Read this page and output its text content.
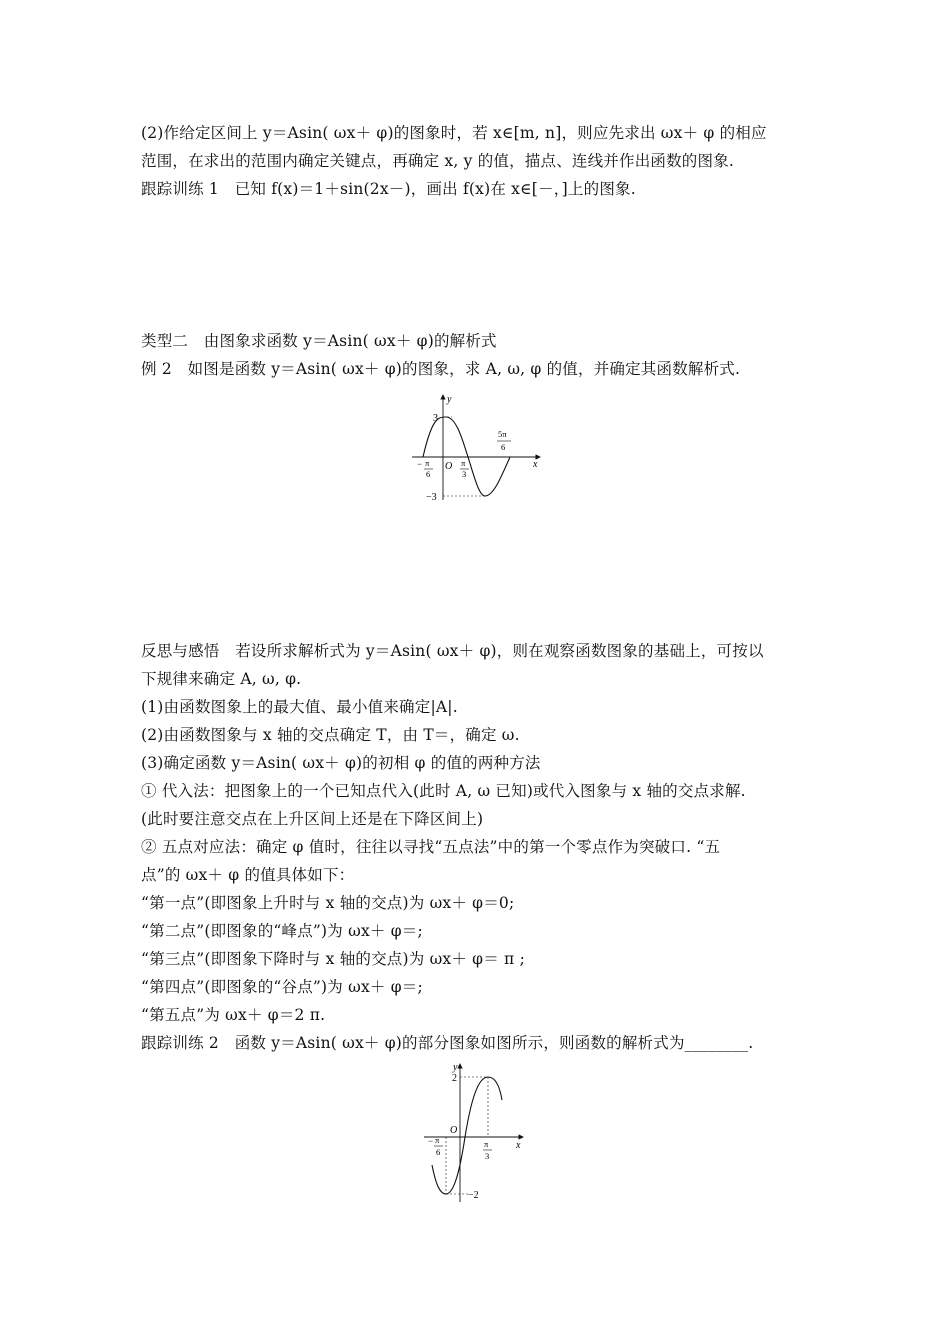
(2)作给定区间上 y＝Asin( ωx＋ φ)的图象时，若 x∈[m, n]，则应先求出 ωx＋ φ 的相应
范围，在求出的范围内确定关键点，再确定 x, y 的值，描点、连线并作出函数的图象.
跟踪训练 1　已知 f(x)＝1＋sin(2x－)，画出 f(x)在 x∈[－，]上的图象.
类型二　由图象求函数 y＝Asin( ωx＋ φ)的解析式
例 2　如图是函数 y＝Asin( ωx＋ φ)的图象，求 A, ω, φ 的值，并确定其函数解析式.
y
x
O
3
−3
− π
6
π
3
5π
6
反思与感悟　若设所求解析式为 y＝Asin( ωx＋ φ)，则在观察函数图象的基础上，可按以
下规律来确定 A, ω, φ.
(1)由函数图象上的最大值、最小值来确定|A|.
(2)由函数图象与 x 轴的交点确定 T，由 T＝，确定 ω.
(3)确定函数 y＝Asin( ωx＋ φ)的初相 φ 的值的两种方法
① 代入法：把图象上的一个已知点代入(此时 A, ω 已知)或代入图象与 x 轴的交点求解.
(此时要注意交点在上升区间上还是在下降区间上)
② 五点对应法：确定 φ 值时，往往以寻找“五点法”中的第一个零点作为突破口. “五
点”的 ωx＋ φ 的值具体如下：
“第一点”(即图象上升时与 x 轴的交点)为 ωx＋ φ＝0;
“第二点”(即图象的“峰点”)为 ωx＋ φ＝;
“第三点”(即图象下降时与 x 轴的交点)为 ωx＋ φ＝ π ;
“第四点”(即图象的“谷点”)为 ωx＋ φ＝;
“第五点”为 ωx＋ φ＝2 π.
跟踪训练 2　函数 y＝Asin( ωx＋ φ)的部分图象如图所示，则函数的解析式为________.
y
x
O
2
−2
− π
6
π
3
